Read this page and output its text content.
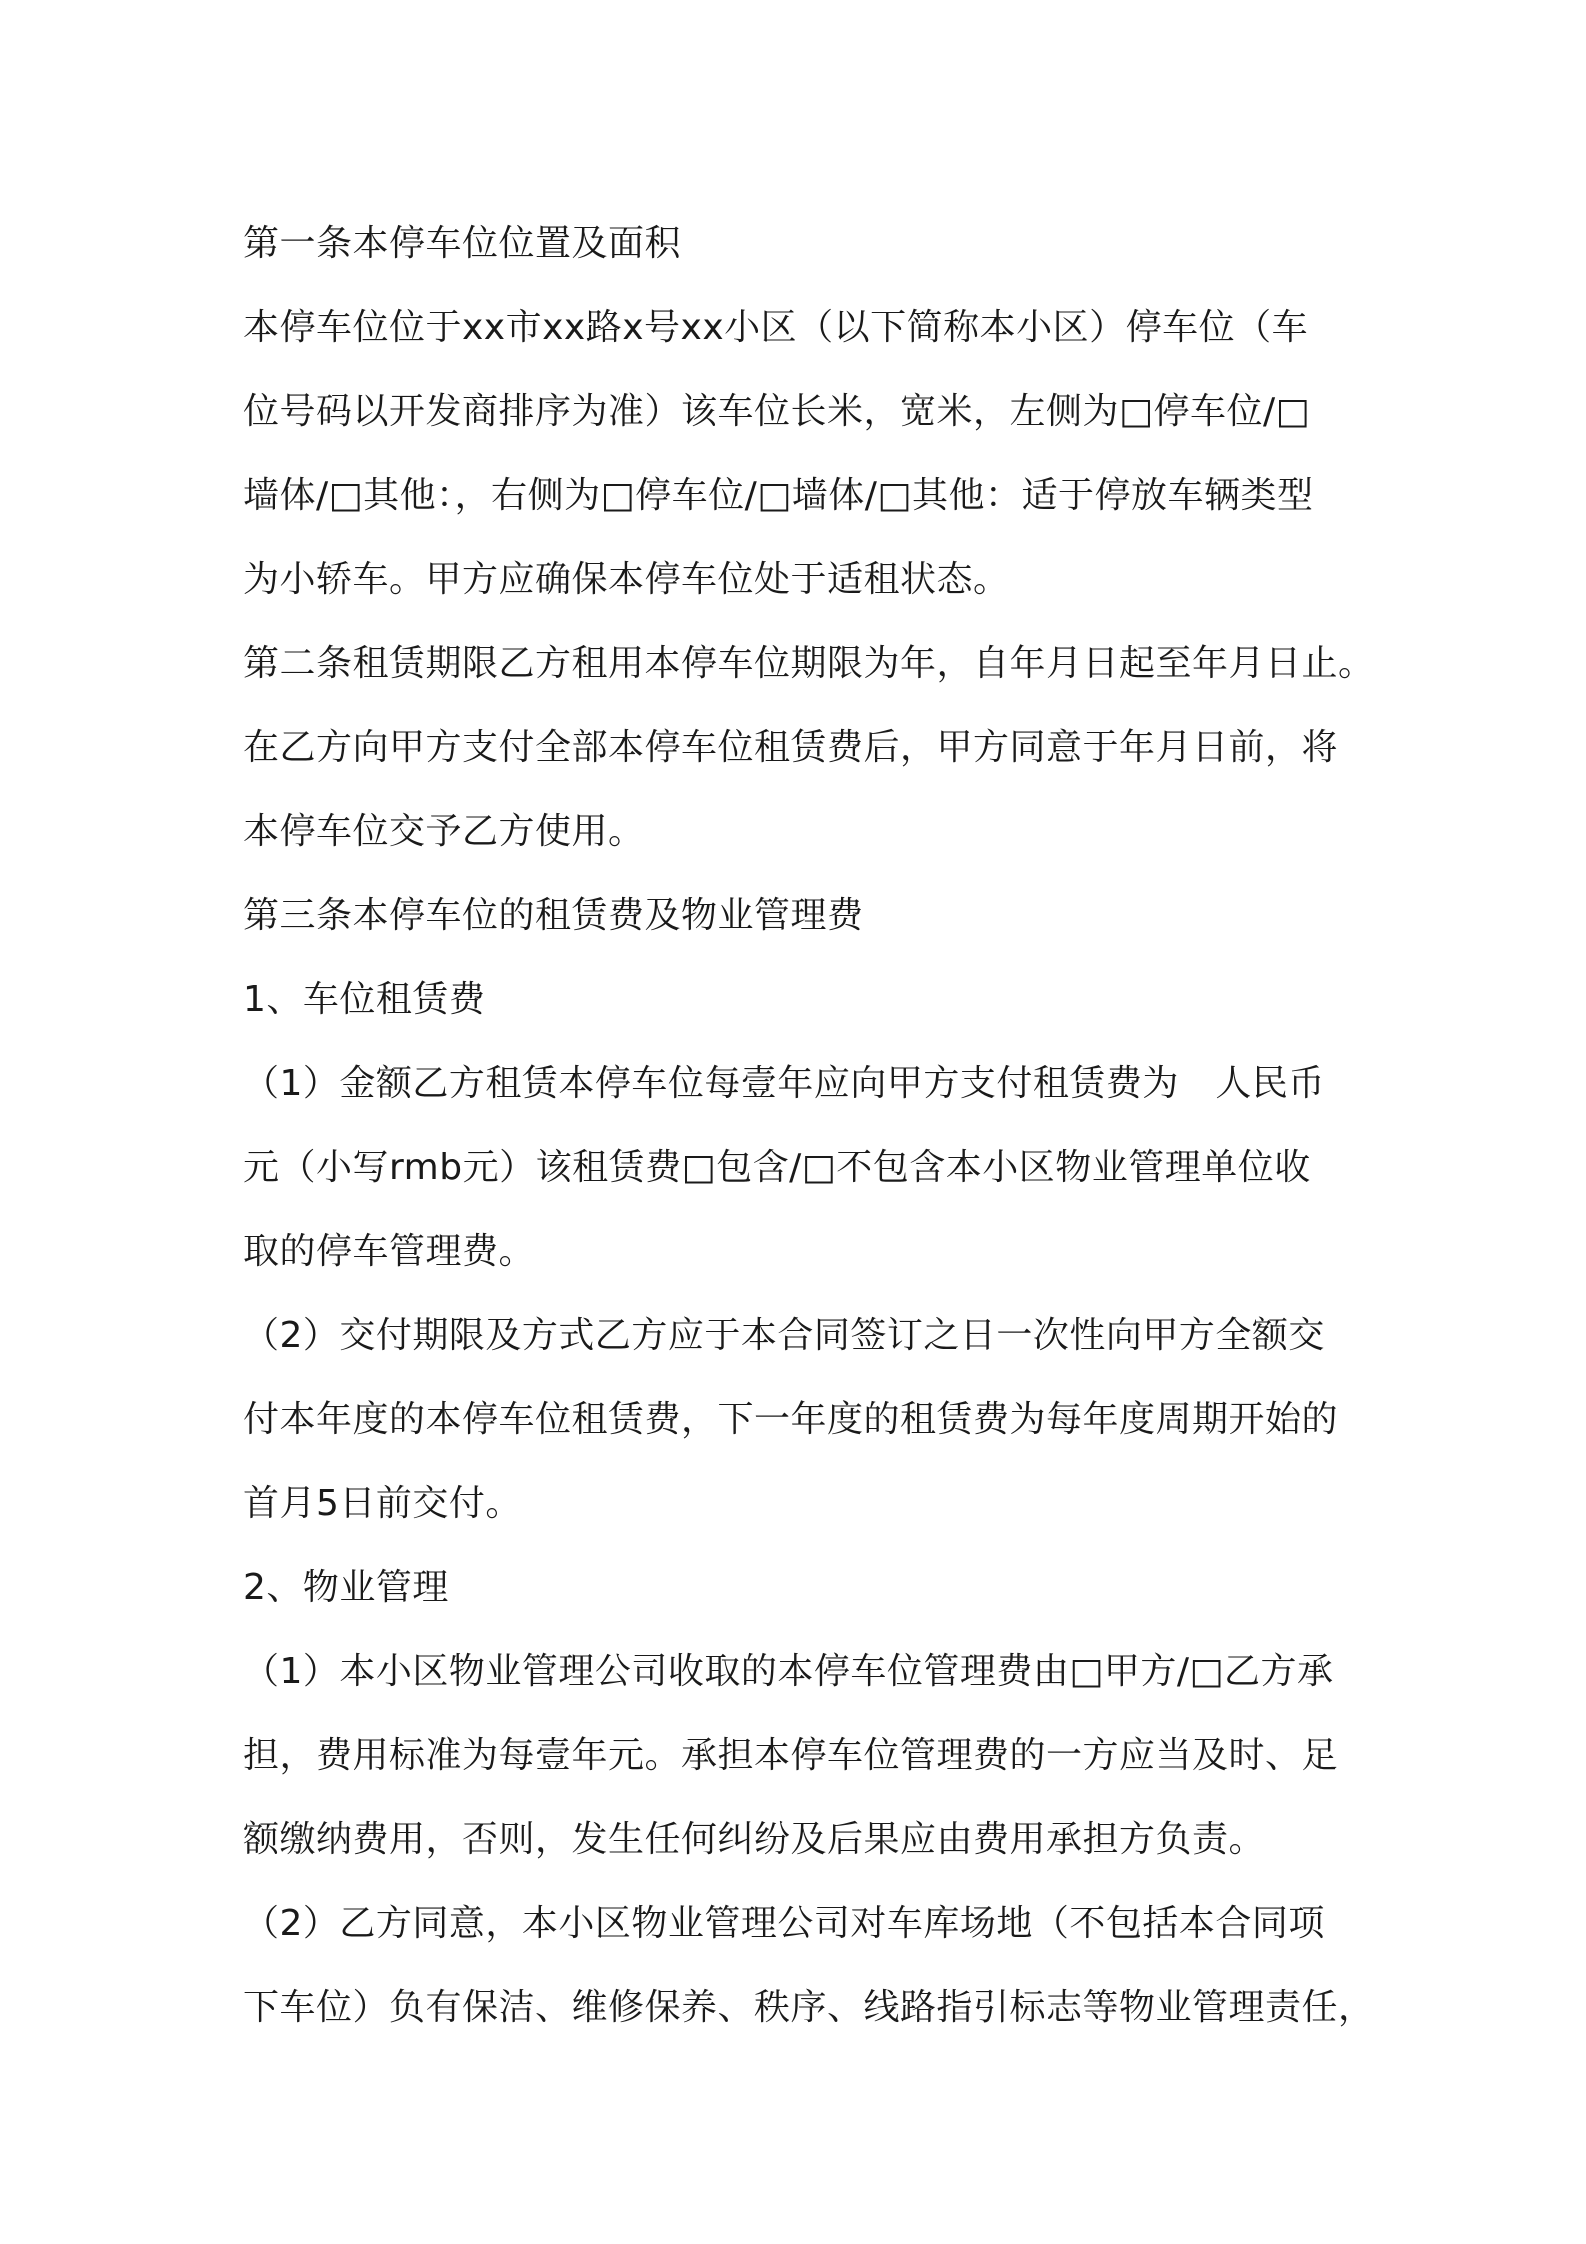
第一条本停车位位置及面积
本停车位位于xx市xx路x号xx小区（以下简称本小区）停车位（车
位号码以开发商排序为准）该车位长米，宽米，左侧为□停车位/□
墙体/□其他：，右侧为□停车位/□墙体/□其他：适于停放车辆类型
为小轿车。甲方应确保本停车位处于适租状态。
第二条租赁期限乙方租用本停车位期限为年，自年月日起至年月日止。
在乙方向甲方支付全部本停车位租赁费后，甲方同意于年月日前，将
本停车位交予乙方使用。
第三条本停车位的租赁费及物业管理费
1、车位租赁费
（1）金额乙方租赁本停车位每壹年应向甲方支付租赁费为　人民币
元（小写rmb元）该租赁费□包含/□不包含本小区物业管理单位收
取的停车管理费。
（2）交付期限及方式乙方应于本合同签订之日一次性向甲方全额交
付本年度的本停车位租赁费，下一年度的租赁费为每年度周期开始的
首月5日前交付。
2、物业管理
（1）本小区物业管理公司收取的本停车位管理费由□甲方/□乙方承
担，费用标准为每壹年元。承担本停车位管理费的一方应当及时、足
额缴纳费用，否则，发生任何纠纷及后果应由费用承担方负责。
（2）乙方同意，本小区物业管理公司对车库场地（不包括本合同项
下车位）负有保洁、维修保养、秩序、线路指引标志等物业管理责任，
